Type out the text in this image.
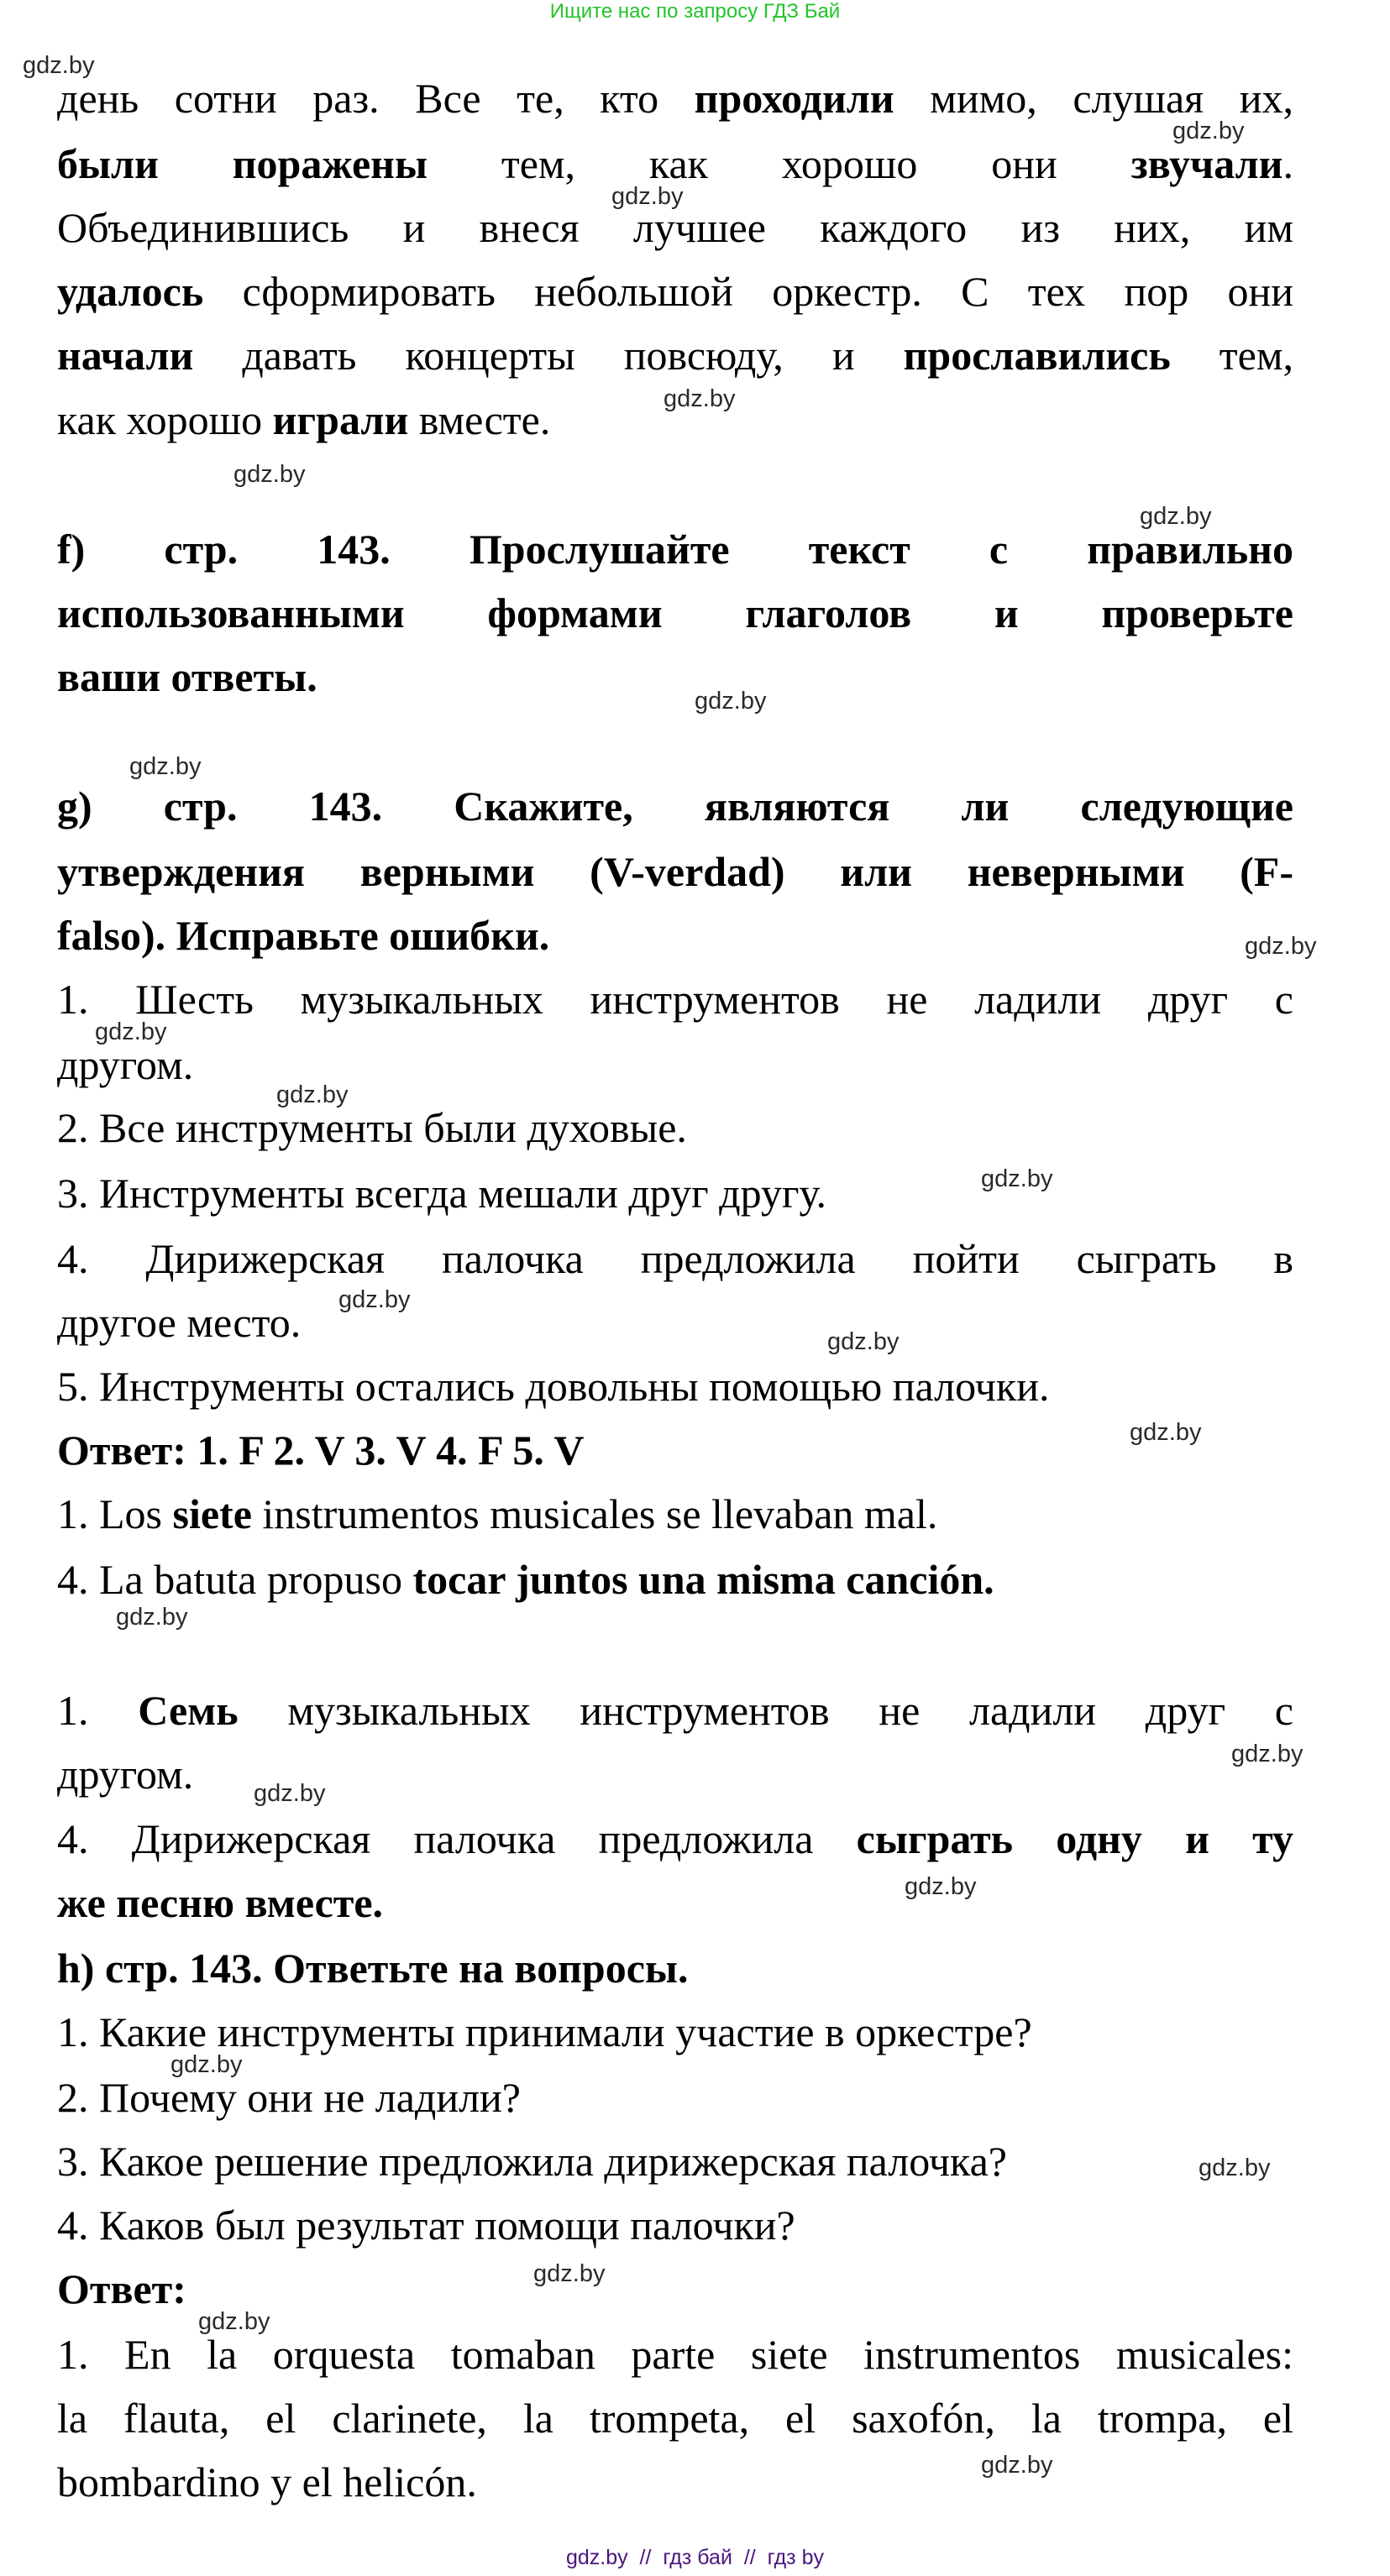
Ищите нас по запросу ГДЗ Бай
день сотни раз. Все те, кто проходили мимо, слушая их,
были поражены тем, как хорошо они звучали.
Объединившись и внеся лучшее каждого из них, им
удалось сформировать небольшой оркестр. С тех пор они
начали давать концерты повсюду, и прославились тем,
как хорошо играли вместе.
f) стр. 143. Прослушайте текст с правильно
использованными формами глаголов и проверьте
ваши ответы.
g) стр. 143. Скажите, являются ли следующие
утверждения верными (V-verdad) или неверными (F-
falso). Исправьте ошибки.
1. Шесть музыкальных инструментов не ладили друг с
другом.
2. Все инструменты были духовые.
3. Инструменты всегда мешали друг другу.
4. Дирижерская палочка предложила пойти сыграть в
другое место.
5. Инструменты остались довольны помощью палочки.
Ответ: 1. F 2. V 3. V 4. F 5. V
1. Los siete instrumentos musicales se llevaban mal.
4. La batuta propuso tocar juntos una misma canción.
1. Семь музыкальных инструментов не ладили друг с
другом.
4. Дирижерская палочка предложила сыграть одну и ту
же песню вместе.
h) стр. 143. Ответьте на вопросы.
1. Какие инструменты принимали участие в оркестре?
2. Почему они не ладили?
3. Какое решение предложила дирижерская палочка?
4. Каков был результат помощи палочки?
Ответ:
1. En la orquesta tomaban parte siete instrumentos musicales:
la flauta, el clarinete, la trompeta, el saxofón, la trompa, el
bombardino y el helicón.
gdz.by
gdz.by
gdz.by
gdz.by
gdz.by
gdz.by
gdz.by
gdz.by
gdz.by
gdz.by
gdz.by
gdz.by
gdz.by
gdz.by
gdz.by
gdz.by
gdz.by
gdz.by
gdz.by
gdz.by
gdz.by
gdz.by
gdz.by
gdz.by
gdz.by  //  гдз бай  //  гдз by
